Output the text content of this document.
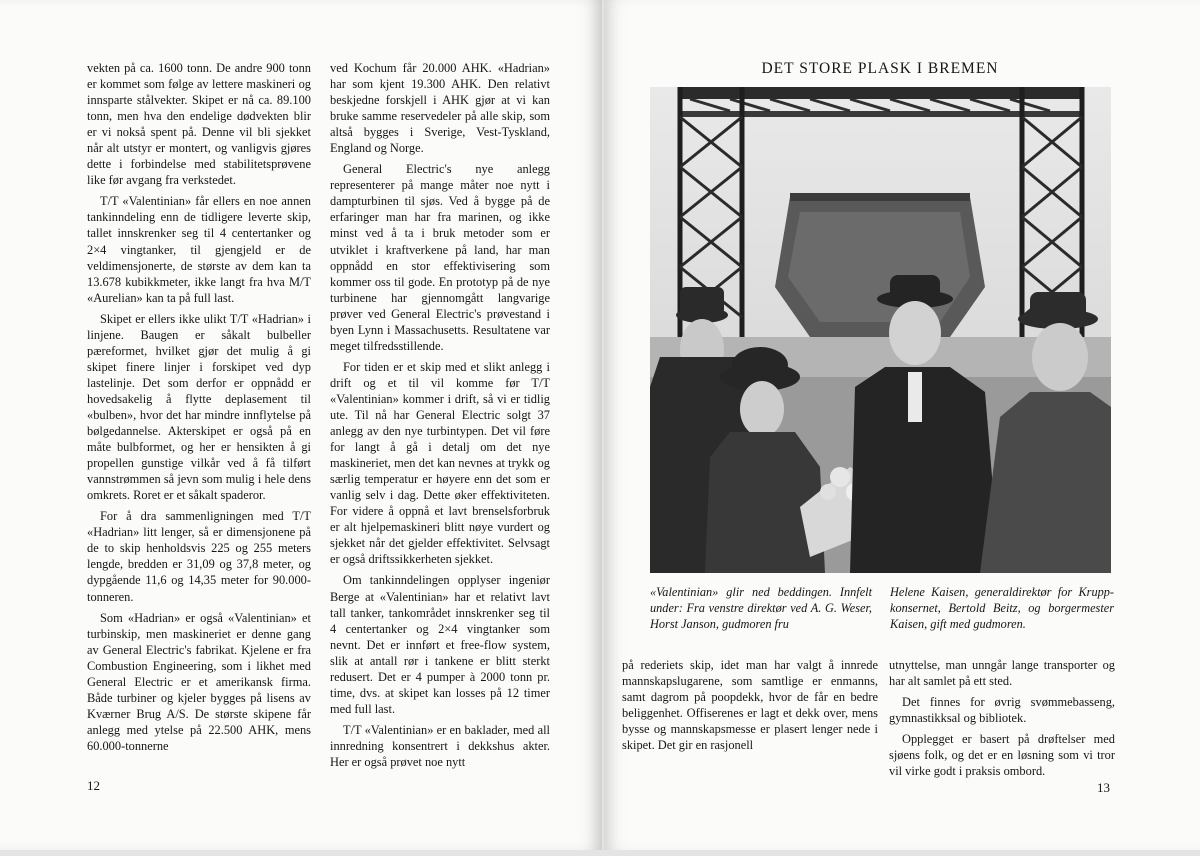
vekten på ca. 1600 tonn. De andre 900 tonn er kommet som følge av lettere maskineri og innsparte stålvekter. Skipet er nå ca. 89.100 tonn, men hva den endelige dødvekten blir er vi nokså spent på. Denne vil bli sjekket når alt utstyr er montert, og vanligvis gjøres dette i forbindelse med stabilitetsprøvene like før avgang fra verkstedet.

T/T «Valentinian» får ellers en noe annen tankinndeling enn de tidligere leverte skip, tallet innskrenker seg til 4 centertanker og 2×4 vingtanker, til gjengjeld er de veldimensjonerte, de største av dem kan ta 13.678 kubikkmeter, ikke langt fra hva M/T «Aurelian» kan ta på full last.

Skipet er ellers ikke ulikt T/T «Hadrian» i linjene. Baugen er såkalt bulbeller pæreformet, hvilket gjør det mulig å gi skipet finere linjer i forskipet ved dyp lastelinje. Det som derfor er oppnådd er hovedsakelig å flytte deplasement til «bulben», hvor det har mindre innflytelse på bølgedannelse. Akterskipet er også på en måte bulbformet, og her er hensikten å gi propellen gunstige vilkår ved å få tilført vannstrømmen så jevn som mulig i hele dens omkrets. Roret er et såkalt spaderor.

For å dra sammenligningen med T/T «Hadrian» litt lenger, så er dimensjonene på de to skip henholdsvis 225 og 255 meters lengde, bredden er 31,09 og 37,8 meter, og dypgående 11,6 og 14,35 meter for 90.000-tonneren.

Som «Hadrian» er også «Valentinian» et turbinskip, men maskineriet er denne gang av General Electric's fabrikat. Kjelene er fra Combustion Engineering, som i likhet med General Electric er et amerikansk firma. Både turbiner og kjeler bygges på lisens av Kværner Brug A/S. De største skipene får anlegg med ytelse på 22.500 AHK, mens 60.000-tonnerne

ved Kochum får 20.000 AHK. «Hadrian» har som kjent 19.300 AHK. Den relativt beskjedne forskjell i AHK gjør at vi kan bruke samme reservedeler på alle skip, som altså bygges i Sverige, Vest-Tyskland, England og Norge.

General Electric's nye anlegg representerer på mange måter noe nytt i dampturbinen til sjøs. Ved å bygge på de erfaringer man har fra marinen, og ikke minst ved å ta i bruk metoder som er utviklet i kraftverkene på land, har man oppnådd en stor effektivisering som kommer oss til gode. En prototyp på de nye turbinene har gjennomgått langvarige prøver ved General Electric's prøvestand i byen Lynn i Massachusetts. Resultatene var meget tilfredsstillende.

For tiden er et skip med et slikt anlegg i drift og et til vil komme før T/T «Valentinian» kommer i drift, så vi er tidlig ute. Til nå har General Electric solgt 37 anlegg av den nye turbintypen. Det vil føre for langt å gå i detalj om det nye maskineriet, men det kan nevnes at trykk og særlig temperatur er høyere enn det som er vanlig selv i dag. Dette øker effektiviteten. For videre å oppnå et lavt brenselsforbruk er alt hjelpemaskineri blitt nøye vurdert og sjekket når det gjelder effektivitet. Selvsagt er også driftssikkerheten sjekket.

Om tankinndelingen opplyser ingeniør Berge at «Valentinian» har et relativt lavt tall tanker, tankområdet innskrenker seg til 4 centertanker og 2×4 vingtanker som nevnt. Det er innført et free-flow system, slik at antall rør i tankene er blitt sterkt redusert. Det er 4 pumper à 2000 tonn pr. time, dvs. at skipet kan losses på 12 timer med full last.

T/T «Valentinian» er en baklader, med all innredning konsentrert i dekkshus akter. Her er også prøvet noe nytt

12
DET STORE PLASK I BREMEN
«Valentinian» glir ned beddingen. Innfelt under: Fra venstre direktør ved A. G. Weser, Horst Janson, gudmoren fru
Helene Kaisen, generaldirektør for Krupp-konsernet, Bertold Beitz, og borgermester Kaisen, gift med gudmoren.

på rederiets skip, idet man har valgt å innrede mannskapslugarene, som samtlige er enmanns, samt dagrom på poopdekk, hvor de får en bedre beliggenhet. Offiserenes er lagt et dekk over, mens bysse og mannskapsmesse er plasert lenger nede i skipet. Det gir en rasjonell

utnyttelse, man unngår lange transporter og har alt samlet på ett sted.

Det finnes for øvrig svømmebasseng, gymnastikksal og bibliotek.

Opplegget er basert på drøftelser med sjøens folk, og det er en løsning som vi tror vil virke godt i praksis ombord.

13
